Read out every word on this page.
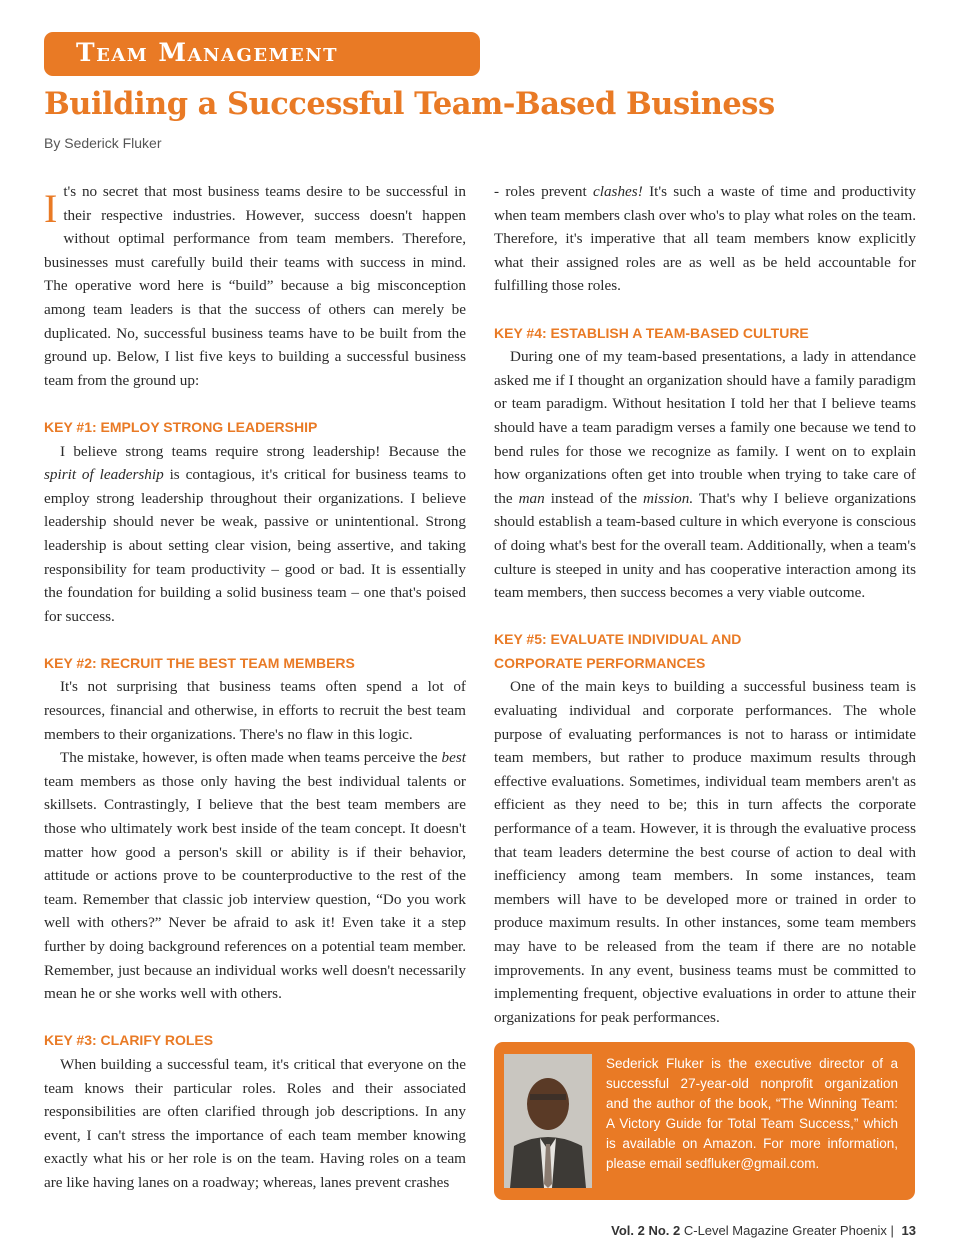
Team Management
Building a Successful Team-Based Business
By Sederick Fluker

It's no secret that most business teams desire to be successful in their respective industries. However, success doesn't happen without optimal performance from team members. Therefore, businesses must carefully build their teams with success in mind. The operative word here is “build” because a big misconception among team leaders is that the success of others can merely be duplicated. No, successful business teams have to be built from the ground up. Below, I list five keys to building a successful business team from the ground up:

KEY #1: EMPLOY STRONG LEADERSHIP

I believe strong teams require strong leadership! Because the spirit of leadership is contagious, it's critical for business teams to employ strong leadership throughout their organizations. I believe leadership should never be weak, passive or unintentional. Strong leadership is about setting clear vision, being assertive, and taking responsibility for team productivity – good or bad. It is essentially the foundation for building a solid business team – one that's poised for success.

KEY #2: RECRUIT THE BEST TEAM MEMBERS

It's not surprising that business teams often spend a lot of resources, financial and otherwise, in efforts to recruit the best team members to their organizations. There's no flaw in this logic.

The mistake, however, is often made when teams perceive the best team members as those only having the best individual talents or skillsets. Contrastingly, I believe that the best team members are those who ultimately work best inside of the team concept. It doesn't matter how good a person's skill or ability is if their behavior, attitude or actions prove to be counterproductive to the rest of the team. Remember that classic job interview question, “Do you work well with others?” Never be afraid to ask it! Even take it a step further by doing background references on a potential team member. Remember, just because an individual works well doesn't necessarily mean he or she works well with others.

KEY #3: CLARIFY ROLES

When building a successful team, it's critical that everyone on the team knows their particular roles. Roles and their associated responsibilities are often clarified through job descriptions. In any event, I can't stress the importance of each team member knowing exactly what his or her role is on the team. Having roles on a team are like having lanes on a roadway; whereas, lanes prevent crashes

- roles prevent clashes! It's such a waste of time and productivity when team members clash over who's to play what roles on the team. Therefore, it's imperative that all team members know explicitly what their assigned roles are as well as be held accountable for fulfilling those roles.

KEY #4: ESTABLISH A TEAM-BASED CULTURE

During one of my team-based presentations, a lady in attendance asked me if I thought an organization should have a family paradigm or team paradigm. Without hesitation I told her that I believe teams should have a team paradigm verses a family one because we tend to bend rules for those we recognize as family. I went on to explain how organizations often get into trouble when trying to take care of the man instead of the mission. That's why I believe organizations should establish a team-based culture in which everyone is conscious of doing what's best for the overall team. Additionally, when a team's culture is steeped in unity and has cooperative interaction among its team members, then success becomes a very viable outcome.

KEY #5: EVALUATE INDIVIDUAL AND
CORPORATE PERFORMANCES

One of the main keys to building a successful business team is evaluating individual and corporate performances. The whole purpose of evaluating performances is not to harass or intimidate team members, but rather to produce maximum results through effective evaluations. Sometimes, individual team members aren't as efficient as they need to be; this in turn affects the corporate performance of a team. However, it is through the evaluative process that team leaders determine the best course of action to deal with inefficiency among team members. In some instances, team members will have to be developed more or trained in order to produce maximum results. In other instances, some team members may have to be released from the team if there are no notable improvements. In any event, business teams must be committed to implementing frequent, objective evaluations in order to attune their organizations for peak performances.

Sederick Fluker is the executive director of a successful 27-year-old nonprofit organization and the author of the book, “The Winning Team: A Victory Guide for Total Team Success,” which is available on Amazon. For more information, please email sedfluker@gmail.com.
Vol. 2 No. 2 C-Level Magazine Greater Phoenix | 13
